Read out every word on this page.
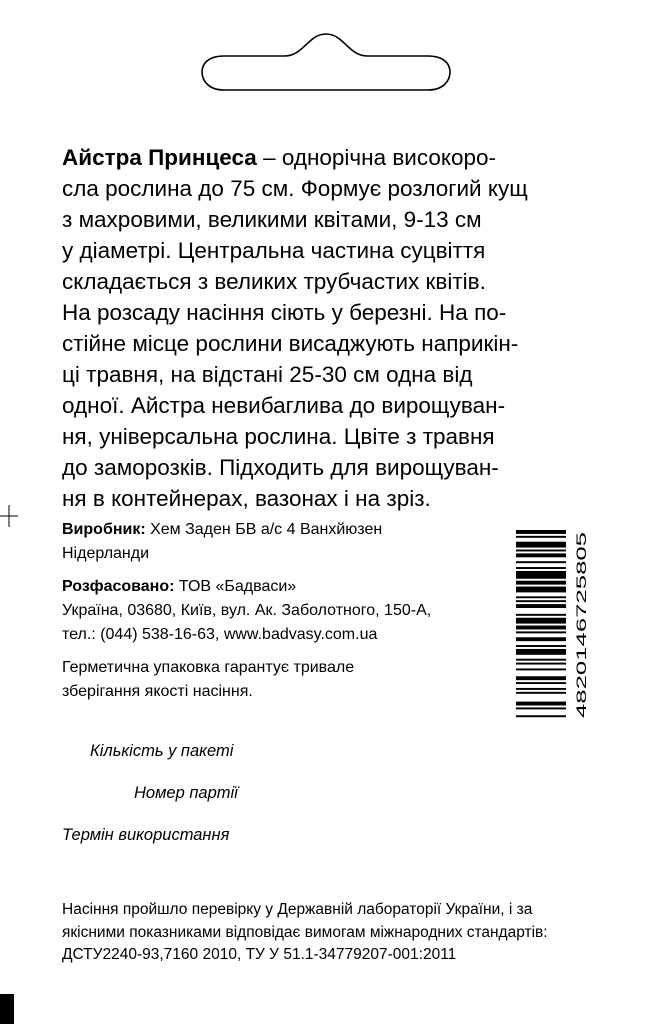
Айстра Принцеса – однорічна високоро-
сла рослина до 75 см. Формує розлогий кущ
з махровими, великими квітами, 9-13 см
у діаметрі. Центральна частина суцвіття
складається з великих трубчастих квітів.
На розсаду насіння сіють у березні. На по-
стійне місце рослини висаджують наприкін-
ці травня, на відстані 25-30 см одна від
одної. Айстра невибаглива до вирощуван-
ня, універсальна рослина. Цвіте з травня
до заморозків. Підходить для вирощуван-
ня в контейнерах, вазонах і на зріз.

Виробник: Хем Заден БВ а/с 4 Ванхйюзен
Нідерланди

Розфасовано: ТОВ «Бадваси»
Україна, 03680, Київ, вул. Ак. Заболотного, 150-А,
тел.: (044) 538-16-63, www.badvasy.com.ua

Герметична упаковка гарантує тривале
зберігання якості насіння.	4820146725805

Кількість у пакеті

Номер партії

Термін використання

Насіння пройшло перевірку у Державній лабораторії України, і за
якісними показниками відповідає вимогам міжнародних стандартів:
ДСТУ2240-93,7160 2010, ТУ У 51.1-34779207-001:2011
